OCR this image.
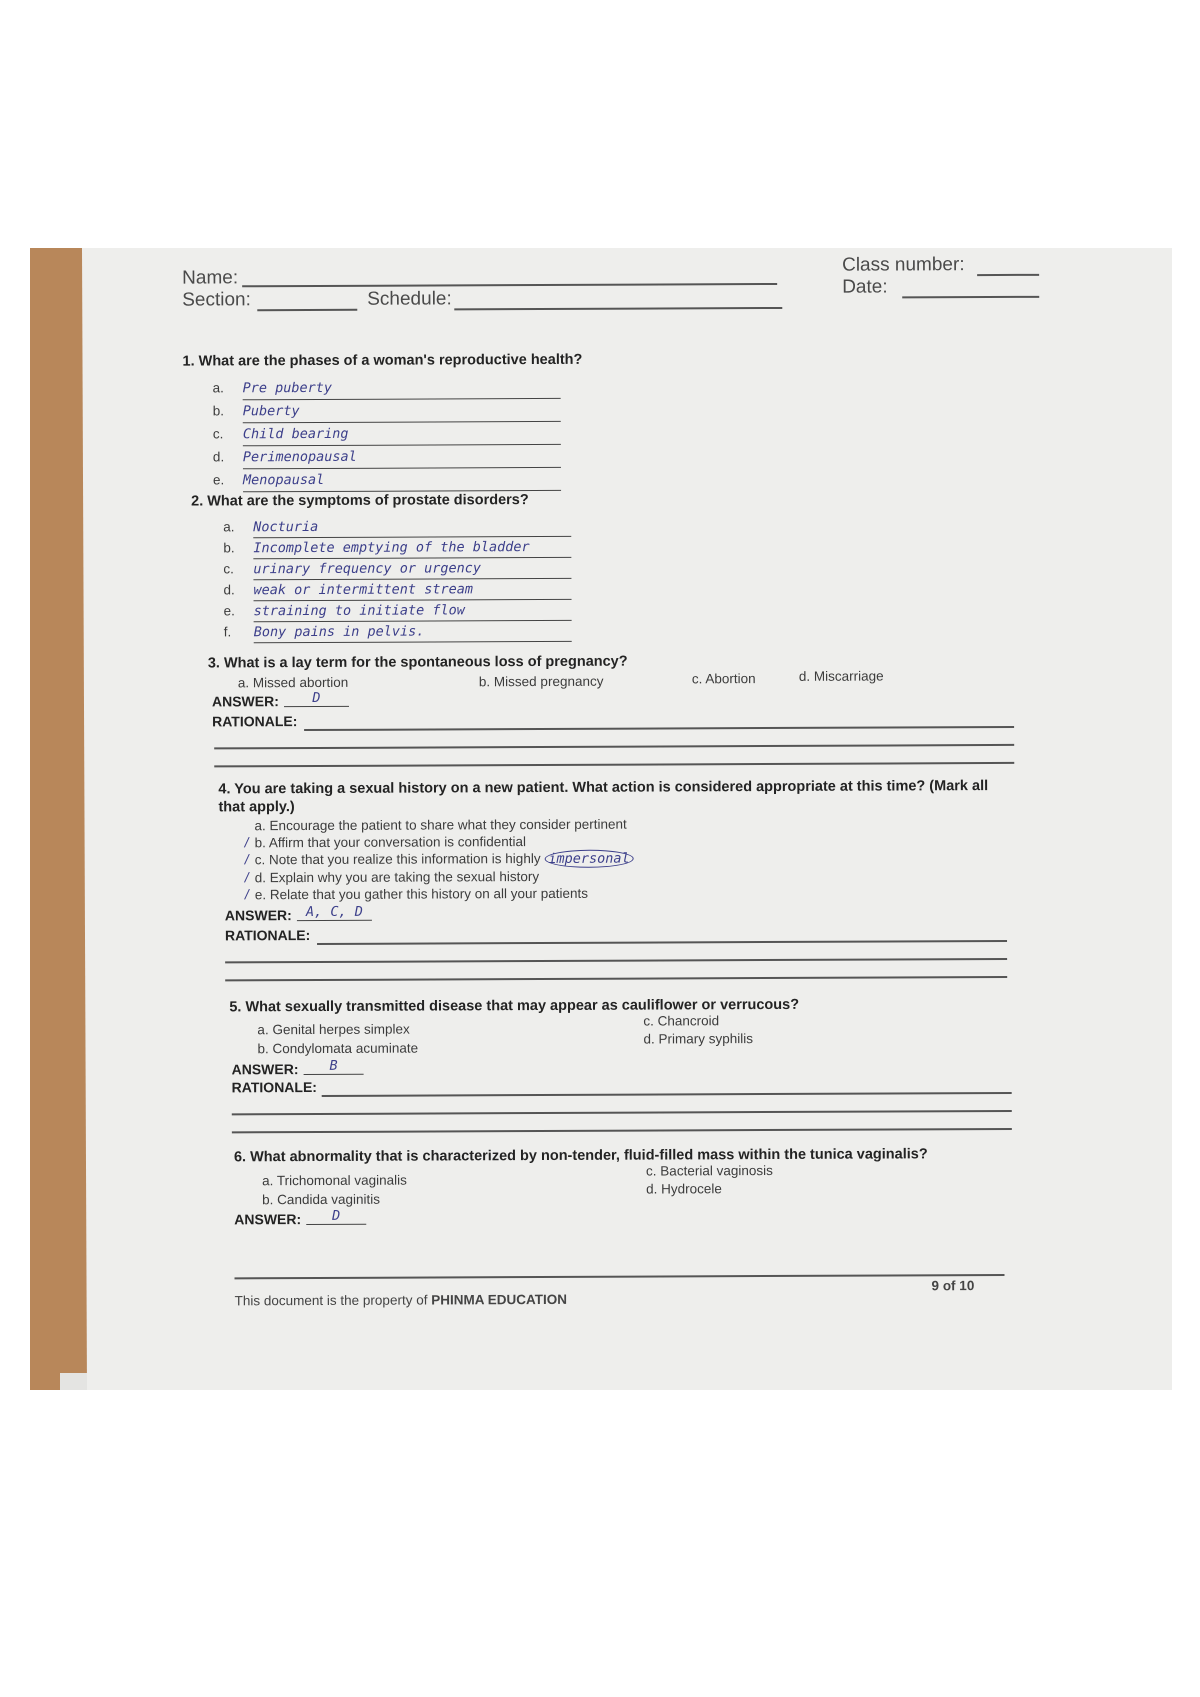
Name:
Section:	Schedule:
Class number:
Date:
1. What are the phases of a woman's reproductive health?
a. Pre puberty
b. Puberty
c. Child bearing
d. Perimenopausal
e. Menopausal
2. What are the symptoms of prostate disorders?
a. Nocturia
b. Incomplete emptying of the bladder
c. urinary frequency or urgency
d. weak or intermittent stream
e. straining to initiate flow
f. Bony pains in pelvis.
3. What is a lay term for the spontaneous loss of pregnancy?
a. Missed abortion	b. Missed pregnancy	c. Abortion	d. Miscarriage
ANSWER:	D
RATIONALE:
4. You are taking a sexual history on a new patient. What action is considered appropriate at this time? (Mark all
that apply.)
a. Encourage the patient to share what they consider pertinent
/ b. Affirm that your conversation is confidential
/ c. Note that you realize this information is highly impersonal
/ d. Explain why you are taking the sexual history
/ e. Relate that you gather this history on all your patients
ANSWER:	A, C, D
RATIONALE:
5. What sexually transmitted disease that may appear as cauliflower or verrucous?
a. Genital herpes simplex
b. Condylomata acuminate
c. Chancroid
d. Primary syphilis
ANSWER:	B
RATIONALE:
6. What abnormality that is characterized by non-tender, fluid-filled mass within the tunica vaginalis?
a. Trichomonal vaginalis
b. Candida vaginitis
c. Bacterial vaginosis
d. Hydrocele
ANSWER:	D
This document is the property of PHINMA EDUCATION
9 of 10
